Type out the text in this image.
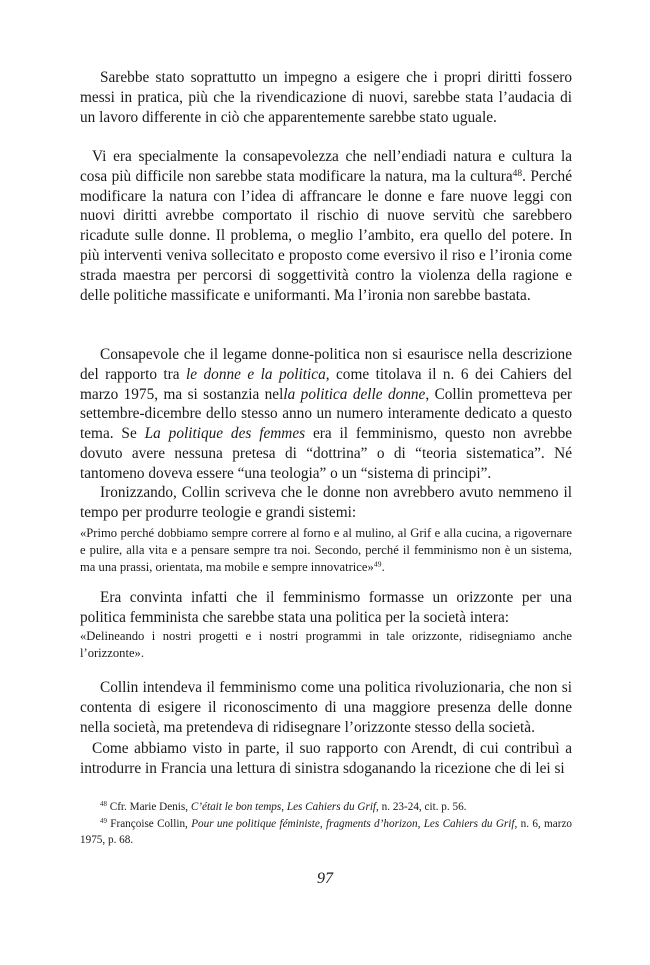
Sarebbe stato soprattutto un impegno a esigere che i propri diritti fossero messi in pratica, più che la rivendicazione di nuovi, sarebbe stata l’audacia di un lavoro differente in ciò che apparentemente sarebbe stato uguale.

Vi era specialmente la consapevolezza che nell’endiadi natura e cultura la cosa più difficile non sarebbe stata modificare la natura, ma la cultura$^{48}$. Perché modificare la natura con l’idea di affrancare le donne e fare nuove leggi con nuovi diritti avrebbe comportato il rischio di nuove servitù che sarebbero ricadute sulle donne. Il problema, o meglio l’ambito, era quello del potere. In più interventi veniva sollecitato e proposto come eversivo il riso e l’ironia come strada maestra per percorsi di soggettività contro la violenza della ragione e delle politiche massificate e uniformanti. Ma l’ironia non sarebbe bastata.

Consapevole che il legame donne-politica non si esaurisce nella descrizione del rapporto tra le donne e la politica, come titolava il n. 6 dei Cahiers del marzo 1975, ma si sostanzia nella politica delle donne, Collin prometteva per settembre-dicembre dello stesso anno un numero interamente dedicato a questo tema. Se La politique des femmes era il femminismo, questo non avrebbe dovuto avere nessuna pretesa di “dottrina” o di “teoria sistematica”. Né tantomeno doveva essere “una teologia” o un “sistema di principi”.

Ironizzando, Collin scriveva che le donne non avrebbero avuto nemmeno il tempo per produrre teologie e grandi sistemi:

«Primo perché dobbiamo sempre correre al forno e al mulino, al Grif e alla cucina, a rigovernare e pulire, alla vita e a pensare sempre tra noi. Secondo, perché il femminismo non è un sistema, ma una prassi, orientata, ma mobile e sempre innovatrice»$^{49}$.

Era convinta infatti che il femminismo formasse un orizzonte per una politica femminista che sarebbe stata una politica per la società intera:

«Delineando i nostri progetti e i nostri programmi in tale orizzonte, ridisegniamo anche l’orizzonte».

Collin intendeva il femminismo come una politica rivoluzionaria, che non si contenta di esigere il riconoscimento di una maggiore presenza delle donne nella società, ma pretendeva di ridisegnare l’orizzonte stesso della società.

Come abbiamo visto in parte, il suo rapporto con Arendt, di cui contribuì a introdurre in Francia una lettura di sinistra sdoganando la ricezione che di lei si

$^{48}$ Cfr. Marie Denis, C’était le bon temps, Les Cahiers du Grif, n. 23-24, cit. p. 56.

$^{49}$ Françoise Collin, Pour une politique féministe, fragments d’horizon, Les Cahiers du Grif, n. 6, marzo 1975, p. 68.

97
